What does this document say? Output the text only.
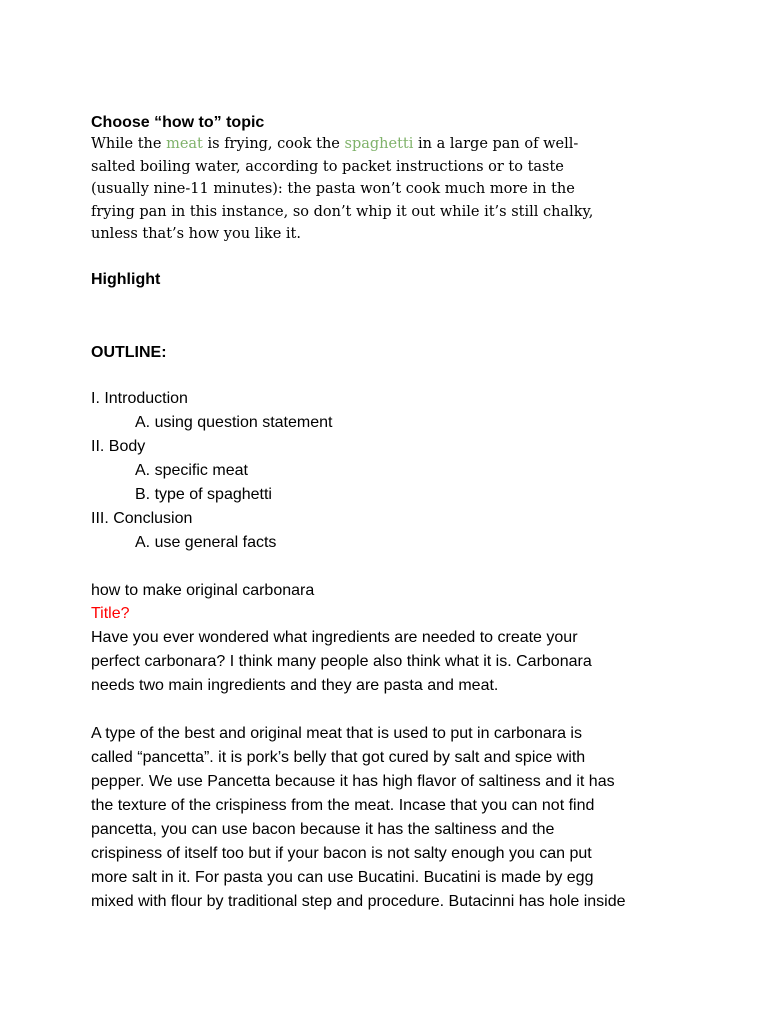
Choose “how to” topic
While the meat is frying, cook the spaghetti in a large pan of well-
salted boiling water, according to packet instructions or to taste
(usually nine-11 minutes): the pasta won’t cook much more in the
frying pan in this instance, so don’t whip it out while it’s still chalky,
unless that’s how you like it.
Highlight
OUTLINE:
I. Introduction
A. using question statement
II. Body
A. specific meat
B. type of spaghetti
III. Conclusion
A. use general facts
how to make original carbonara
Title?
Have you ever wondered what ingredients are needed to create your
perfect carbonara? I think many people also think what it is. Carbonara
needs two main ingredients and they are pasta and meat.
A type of the best and original meat that is used to put in carbonara is
called “pancetta”. it is pork’s belly that got cured by salt and spice with
pepper. We use Pancetta because it has high flavor of saltiness and it has
the texture of the crispiness from the meat. Incase that you can not find
pancetta, you can use bacon because it has the saltiness and the
crispiness of itself too but if your bacon is not salty enough you can put
more salt in it. For pasta you can use Bucatini. Bucatini is made by egg
mixed with flour by traditional step and procedure. Butacinni has hole inside
